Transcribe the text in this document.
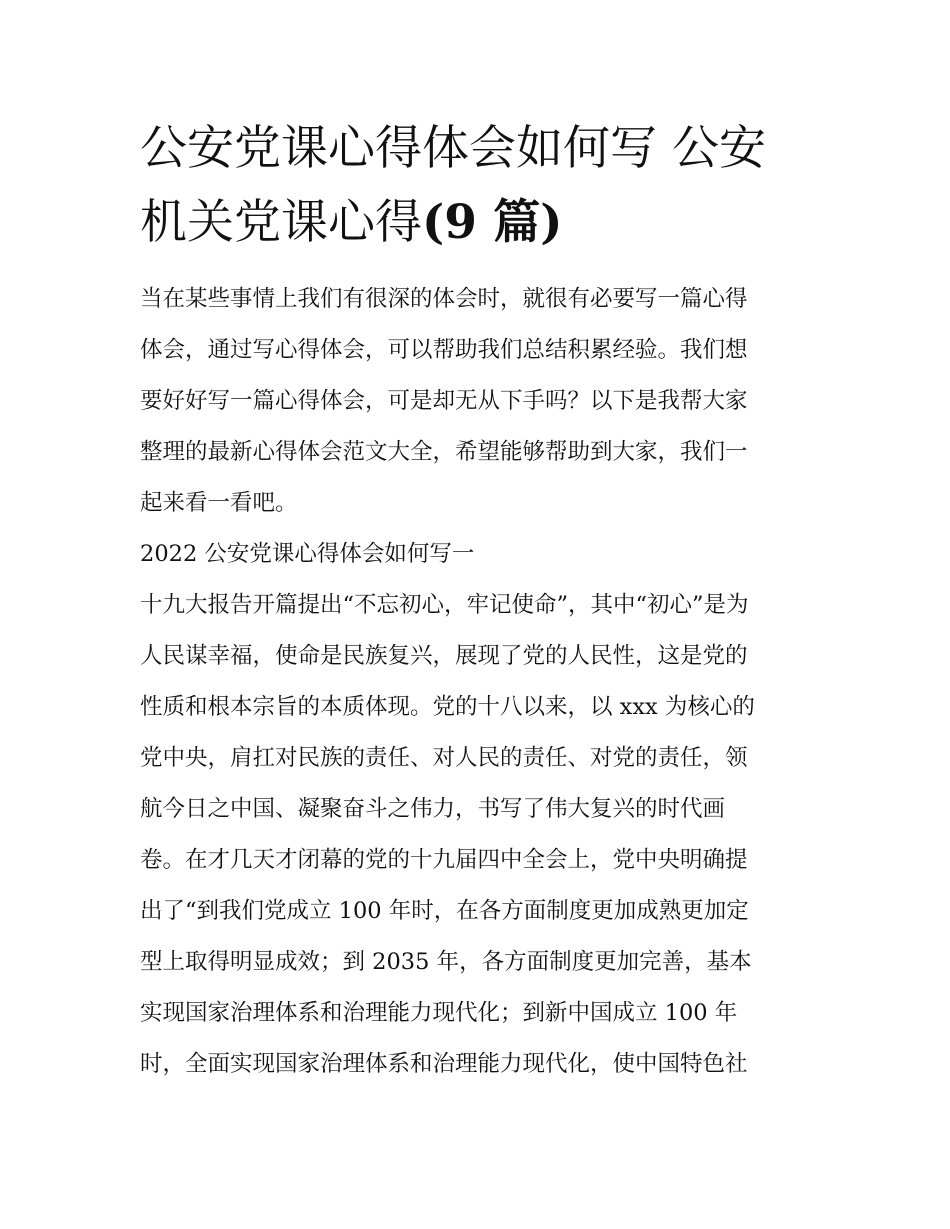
公安党课心得体会如何写 公安
机关党课心得(9 篇)
当在某些事情上我们有很深的体会时，就很有必要写一篇心得
体会，通过写心得体会，可以帮助我们总结积累经验。我们想
要好好写一篇心得体会，可是却无从下手吗？以下是我帮大家
整理的最新心得体会范文大全，希望能够帮助到大家，我们一
起来看一看吧。
2022 公安党课心得体会如何写一
十九大报告开篇提出“不忘初心，牢记使命”，其中“初心”是为
人民谋幸福，使命是民族复兴，展现了党的人民性，这是党的
性质和根本宗旨的本质体现。党的十八以来，以 xxx 为核心的
党中央，肩扛对民族的责任、对人民的责任、对党的责任，领
航今日之中国、凝聚奋斗之伟力，书写了伟大复兴的时代画
卷。在才几天才闭幕的党的十九届四中全会上，党中央明确提
出了“到我们党成立 100 年时，在各方面制度更加成熟更加定
型上取得明显成效；到 2035 年，各方面制度更加完善，基本
实现国家治理体系和治理能力现代化；到新中国成立 100 年
时，全面实现国家治理体系和治理能力现代化，使中国特色社
